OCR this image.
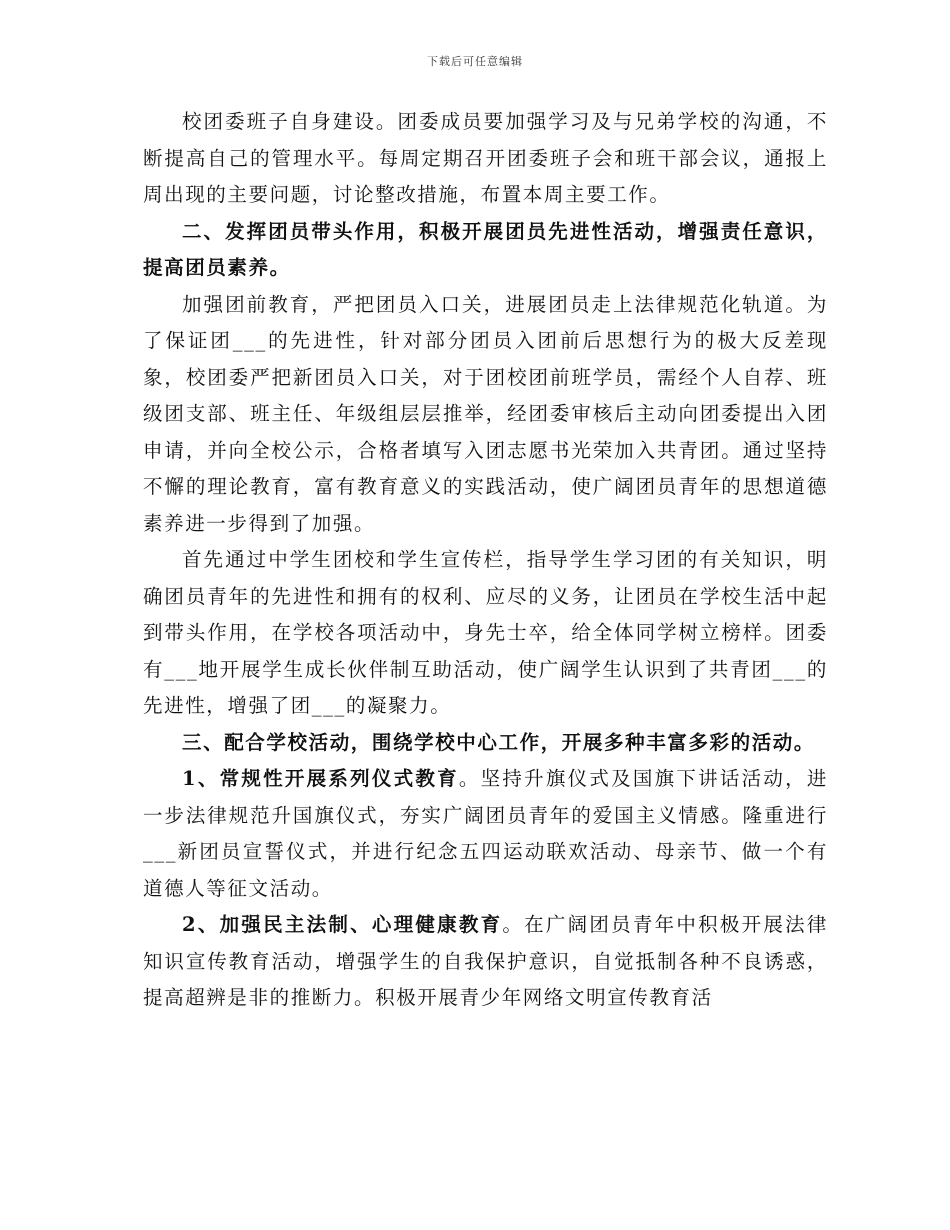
下载后可任意编辑

校团委班子自身建设。团委成员要加强学习及与兄弟学校的沟通，不断提高自己的管理水平。每周定期召开团委班子会和班干部会议，通报上周出现的主要问题，讨论整改措施，布置本周主要工作。

二、发挥团员带头作用，积极开展团员先进性活动，增强责任意识，提高团员素养。

加强团前教育，严把团员入口关，进展团员走上法律规范化轨道。为了保证团___的先进性，针对部分团员入团前后思想行为的极大反差现象，校团委严把新团员入口关，对于团校团前班学员，需经个人自荐、班级团支部、班主任、年级组层层推举，经团委审核后主动向团委提出入团申请，并向全校公示，合格者填写入团志愿书光荣加入共青团。通过坚持不懈的理论教育，富有教育意义的实践活动，使广阔团员青年的思想道德素养进一步得到了加强。

首先通过中学生团校和学生宣传栏，指导学生学习团的有关知识，明确团员青年的先进性和拥有的权利、应尽的义务，让团员在学校生活中起到带头作用，在学校各项活动中，身先士卒，给全体同学树立榜样。团委有___地开展学生成长伙伴制互助活动，使广阔学生认识到了共青团___的先进性，增强了团___的凝聚力。

三、配合学校活动，围绕学校中心工作，开展多种丰富多彩的活动。

1、常规性开展系列仪式教育。坚持升旗仪式及国旗下讲话活动，进一步法律规范升国旗仪式，夯实广阔团员青年的爱国主义情感。隆重进行___新团员宣誓仪式，并进行纪念五四运动联欢活动、母亲节、做一个有道德人等征文活动。

2、加强民主法制、心理健康教育。在广阔团员青年中积极开展法律知识宣传教育活动，增强学生的自我保护意识，自觉抵制各种不良诱惑，提高超辨是非的推断力。积极开展青少年网络文明宣传教育活
